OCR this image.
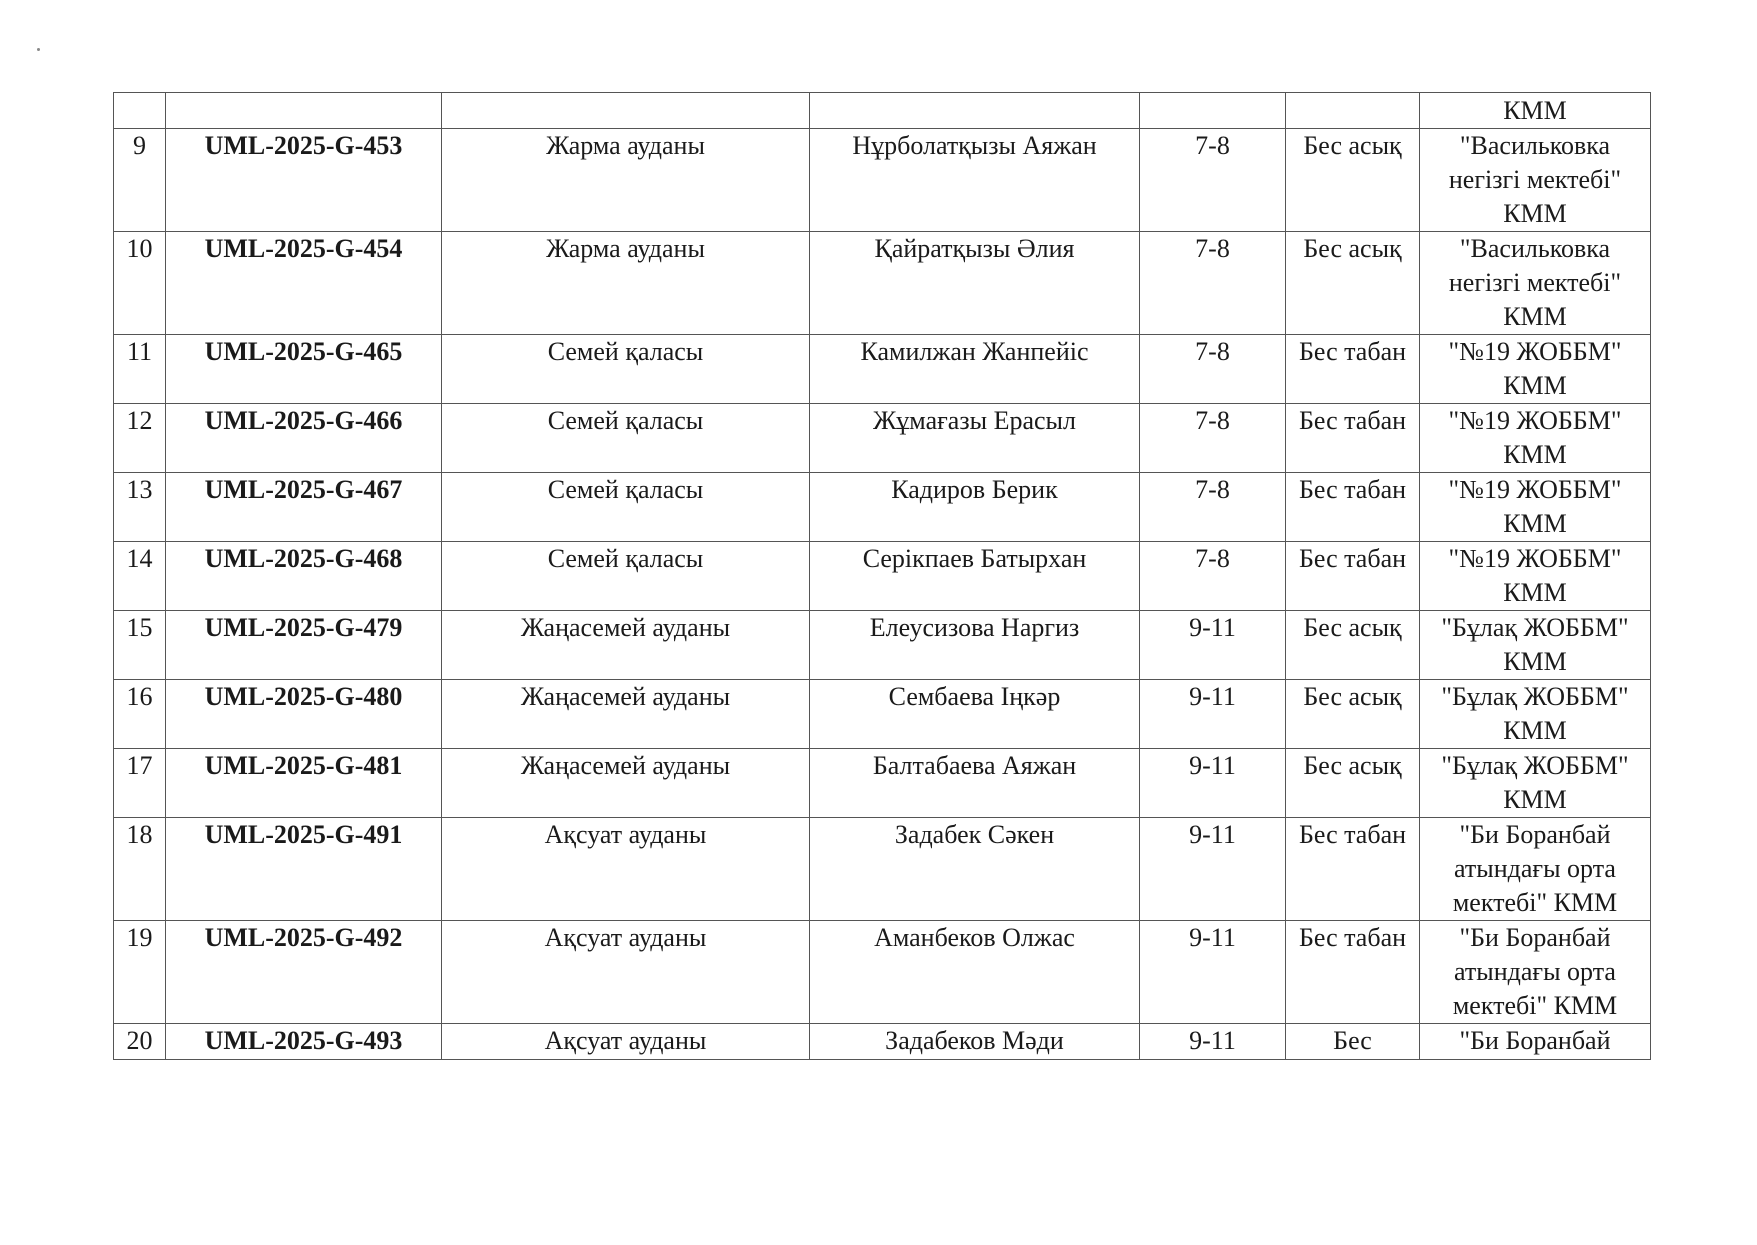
						КММ
9	UML-2025-G-453	Жарма ауданы	Нұрболатқызы Аяжан	7-8	Бес асық	"Васильковка негізгі мектебі" КММ
10	UML-2025-G-454	Жарма ауданы	Қайратқызы Әлия	7-8	Бес асық	"Васильковка негізгі мектебі" КММ
11	UML-2025-G-465	Семей қаласы	Камилжан Жанпейіс	7-8	Бес табан	"№19 ЖОББМ" КММ
12	UML-2025-G-466	Семей қаласы	Жұмағазы Ерасыл	7-8	Бес табан	"№19 ЖОББМ" КММ
13	UML-2025-G-467	Семей қаласы	Кадиров Берик	7-8	Бес табан	"№19 ЖОББМ" КММ
14	UML-2025-G-468	Семей қаласы	Серікпаев Батырхан	7-8	Бес табан	"№19 ЖОББМ" КММ
15	UML-2025-G-479	Жаңасемей ауданы	Елеусизова Наргиз	9-11	Бес асық	"Бұлақ ЖОББМ" КММ
16	UML-2025-G-480	Жаңасемей ауданы	Сембаева Іңкәр	9-11	Бес асық	"Бұлақ ЖОББМ" КММ
17	UML-2025-G-481	Жаңасемей ауданы	Балтабаева Аяжан	9-11	Бес асық	"Бұлақ ЖОББМ" КММ
18	UML-2025-G-491	Ақсуат ауданы	Задабек Сәкен	9-11	Бес табан	"Би Боранбай атындағы орта мектебі" КММ
19	UML-2025-G-492	Ақсуат ауданы	Аманбеков Олжас	9-11	Бес табан	"Би Боранбай атындағы орта мектебі" КММ
20	UML-2025-G-493	Ақсуат ауданы	Задабеков Мәди	9-11	Бес	"Би Боранбай
